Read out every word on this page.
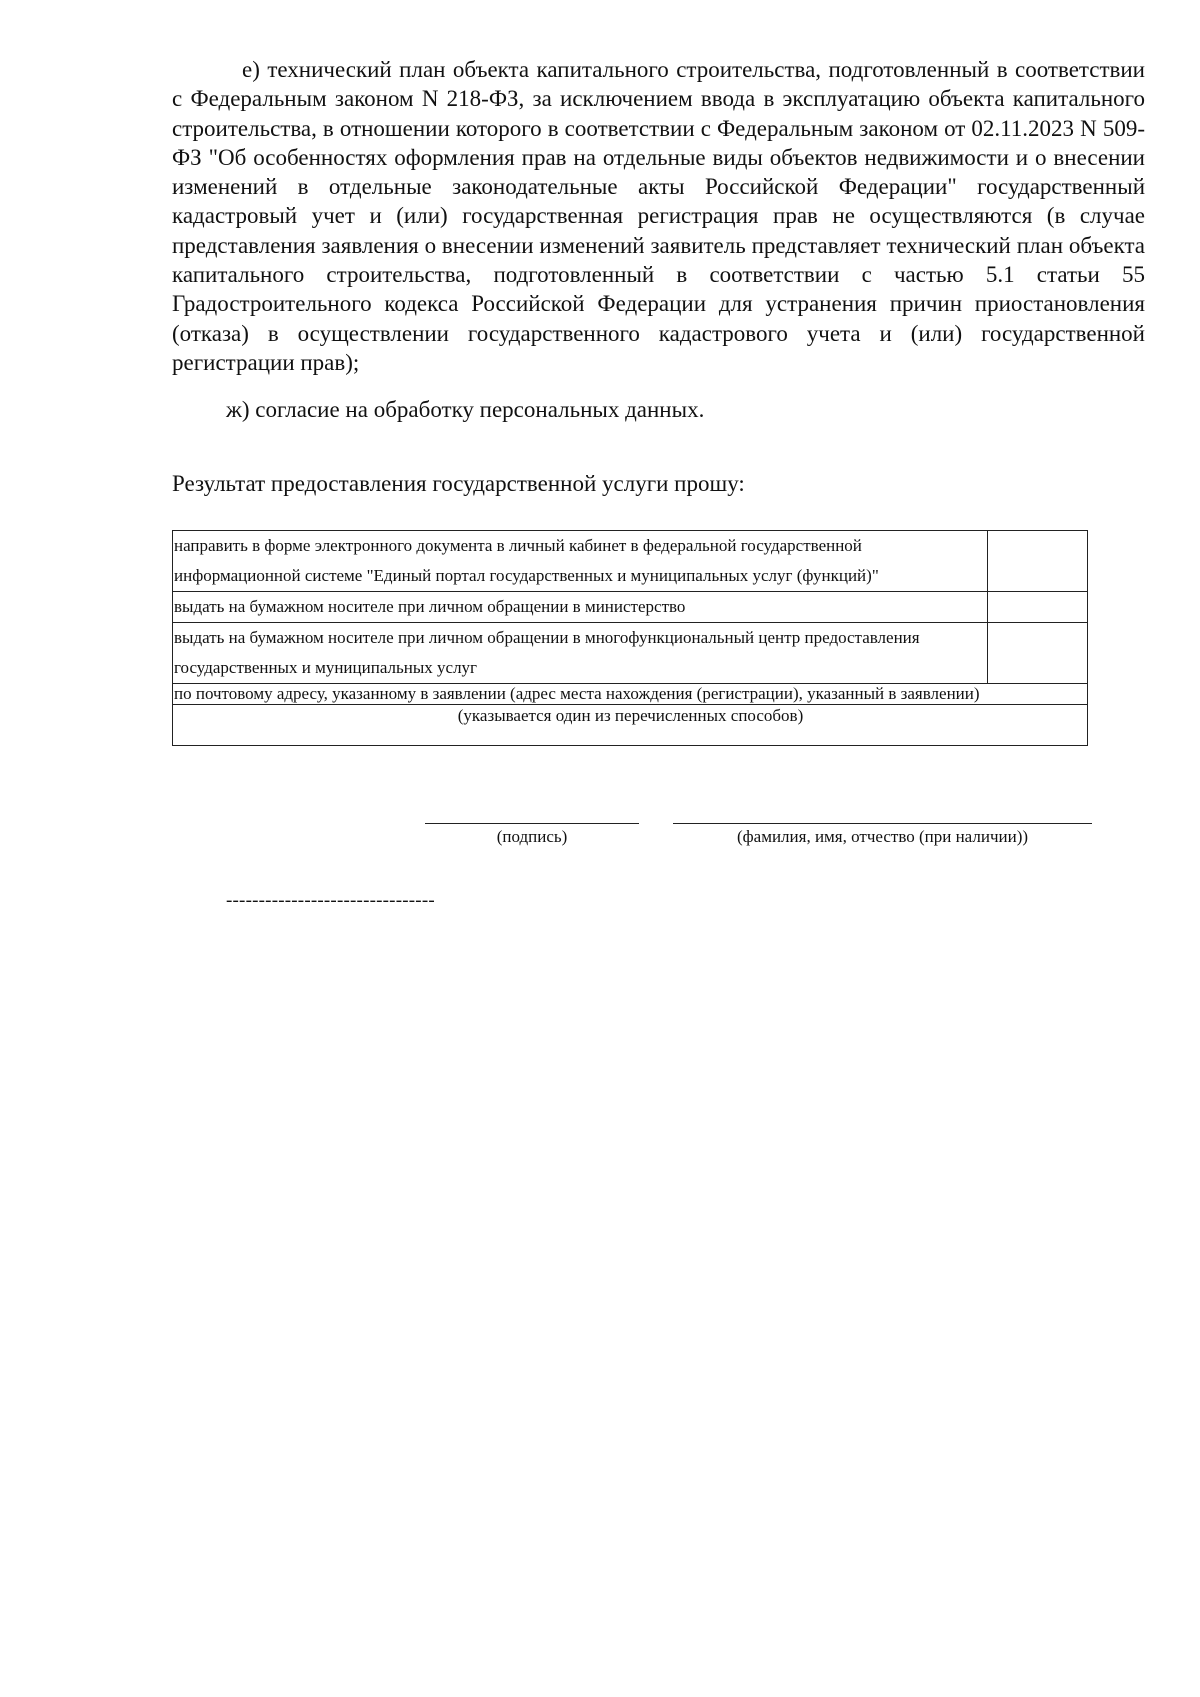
е) технический план объекта капитального строительства, подготовленный в соответствии с Федеральным законом N 218-ФЗ, за исключением ввода в эксплуатацию объекта капитального строительства, в отношении которого в соответствии с Федеральным законом от 02.11.2023 N 509-ФЗ "Об особенностях оформления прав на отдельные виды объектов недвижимости и о внесении изменений в отдельные законодательные акты Российской Федерации" государственный кадастровый учет и (или) государственная регистрация прав не осуществляются (в случае представления заявления о внесении изменений заявитель представляет технический план объекта капитального строительства, подготовленный в соответствии с частью 5.1 статьи 55 Градостроительного кодекса Российской Федерации для устранения причин приостановления (отказа) в осуществлении государственного кадастрового учета и (или) государственной регистрации прав);

ж) согласие на обработку персональных данных.

Результат предоставления государственной услуги прошу:

направить в форме электронного документа в личный кабинет в федеральной государственной информационной системе "Единый портал государственных и муниципальных услуг (функций)"	

выдать на бумажном носителе при личном обращении в министерство	

выдать на бумажном носителе при личном обращении в многофункциональный центр предоставления государственных и муниципальных услуг	

по почтовому адресу, указанному в заявлении (адрес места нахождения (регистрации), указанный в заявлении)	

(указывается один из перечисленных способов)	
(подпись)	(фамилия, имя, отчество (при наличии))
--------------------------------
